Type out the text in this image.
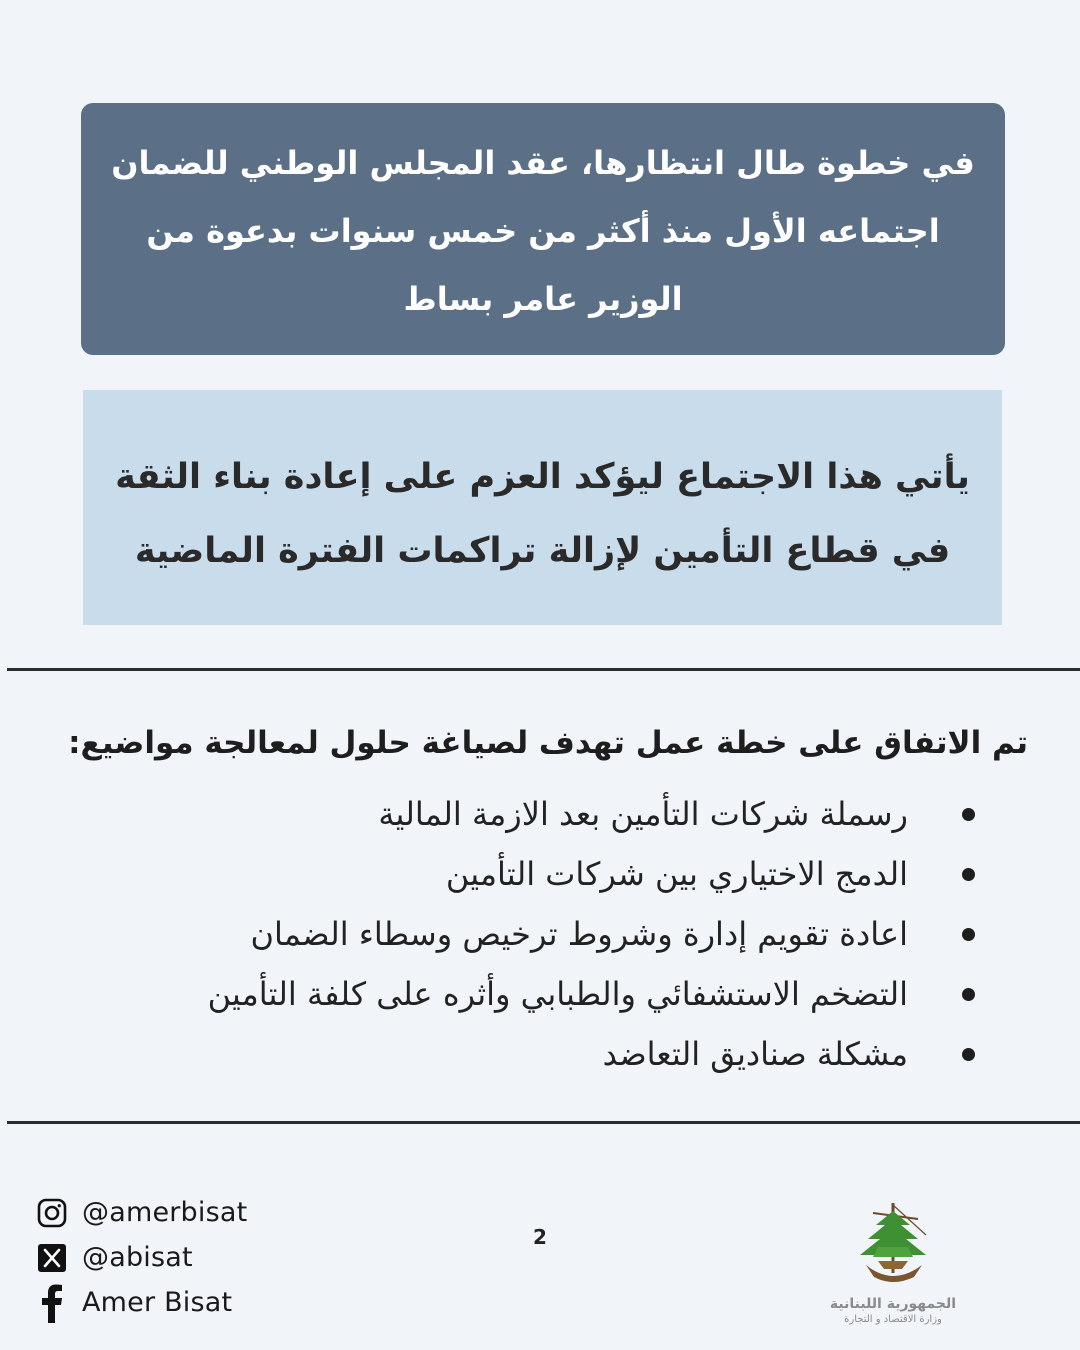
في خطوة طال انتظارها، عقد المجلس الوطني للضمان اجتماعه الأول منذ أكثر من خمس سنوات بدعوة من الوزير عامر بساط
يأتي هذا الاجتماع ليؤكد العزم على إعادة بناء الثقة في قطاع التأمين لإزالة تراكمات الفترة الماضية
تم الاتفاق على خطة عمل تهدف لصياغة حلول لمعالجة مواضيع:
رسملة شركات التأمين بعد الازمة المالية
الدمج الاختياري بين شركات التأمين
اعادة تقويم إدارة وشروط ترخيص وسطاء الضمان
التضخم الاستشفائي والطبابي وأثره على كلفة التأمين
مشكلة صناديق التعاضد
@amerbisat
@abisat
Amer Bisat
2
الجمهورية اللبنانية
وزارة الاقتصاد و التجارة
